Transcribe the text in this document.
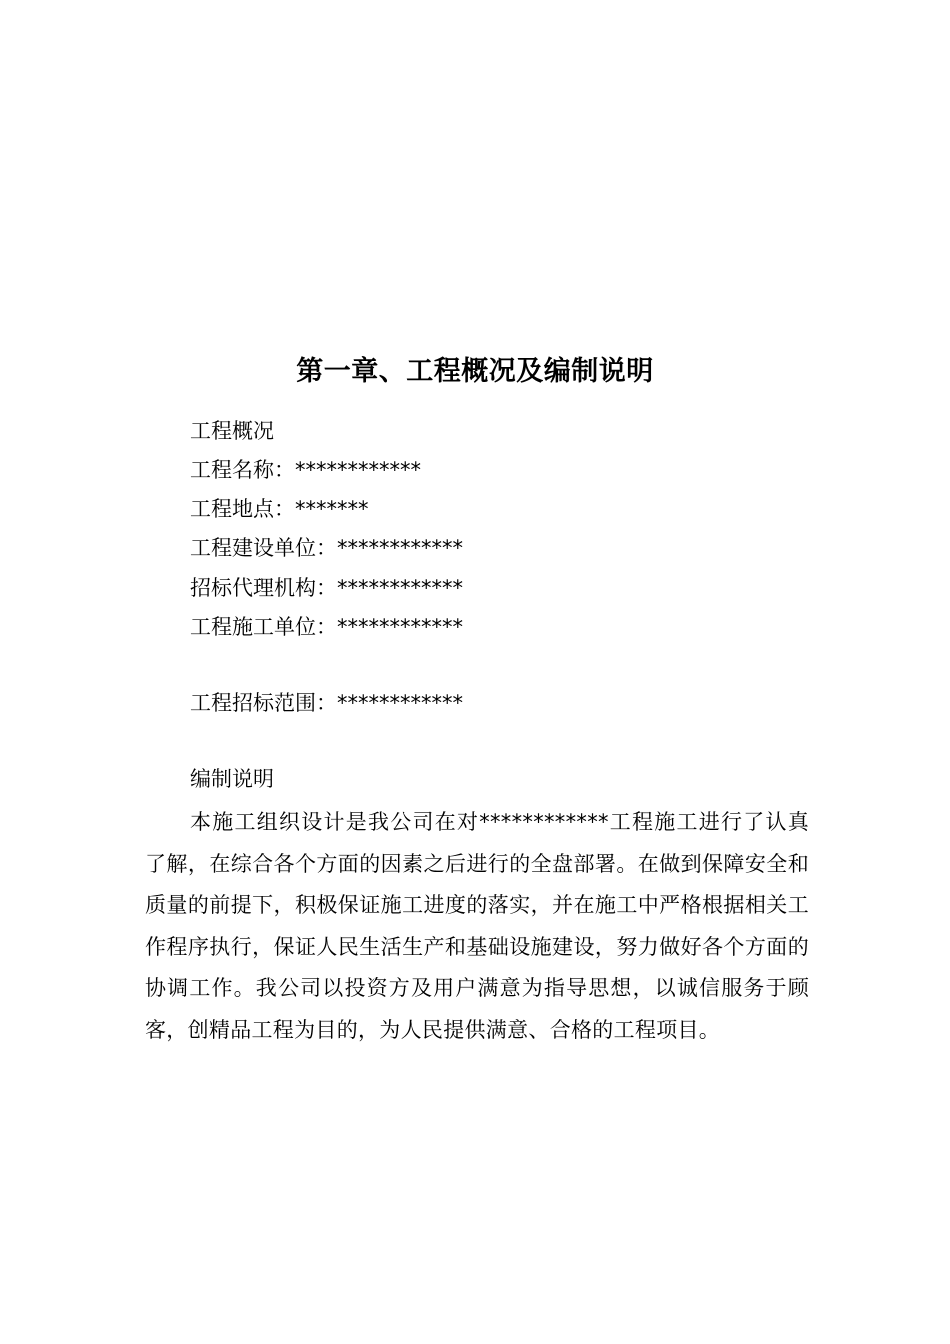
第一章、工程概况及编制说明
工程概况
工程名称：************
工程地点：*******
工程建设单位：************
招标代理机构：************
工程施工单位：************
工程招标范围：************
编制说明
本施工组织设计是我公司在对************工程施工进行了认真了解，在综合各个方面的因素之后进行的全盘部署。在做到保障安全和质量的前提下，积极保证施工进度的落实，并在施工中严格根据相关工作程序执行，保证人民生活生产和基础设施建设，努力做好各个方面的协调工作。我公司以投资方及用户满意为指导思想，以诚信服务于顾客，创精品工程为目的，为人民提供满意、合格的工程项目。
